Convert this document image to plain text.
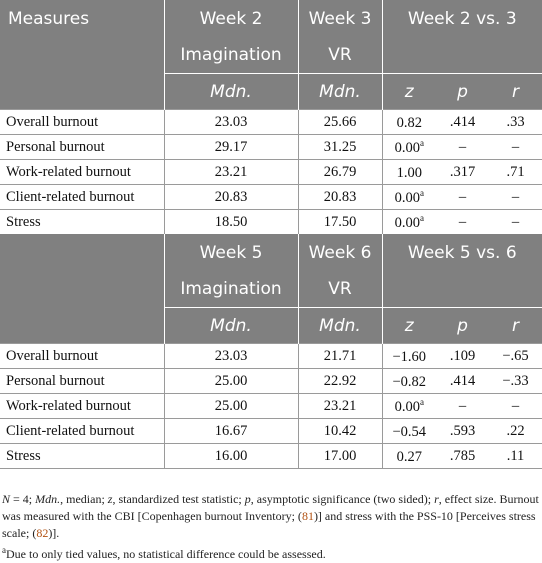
Measures	Week 2	Week 3	Week 2 vs. 3		
	Imagination	VR			
	Mdn.	Mdn.	z	p	r
Overall burnout	23.03	25.66	0.82	.414	.33
Personal burnout	29.17	31.25	0.00$^a$	–	–
Work-related burnout	23.21	26.79	1.00	.317	.71
Client-related burnout	20.83	20.83	0.00$^a$	–	–
Stress	18.50	17.50	0.00$^a$	–	–
	Week 5	Week 6	Week 5 vs. 6		
	Imagination	VR			
	Mdn.	Mdn.	z	p	r
Overall burnout	23.03	21.71	−1.60	.109	−.65
Personal burnout	25.00	22.92	−0.82	.414	−.33
Work-related burnout	25.00	23.21	0.00$^a$	–	–
Client-related burnout	16.67	10.42	−0.54	.593	.22
Stress	16.00	17.00	0.27	.785	.11

N = 4; Mdn., median; z, standardized test statistic; p, asymptotic significance (two sided); r, effect size. Burnout was measured with the CBI [Copenhagen burnout Inventory; (81)] and stress with the PSS-10 [Perceives stress scale; (82)].

$^a$Due to only tied values, no statistical difference could be assessed.
